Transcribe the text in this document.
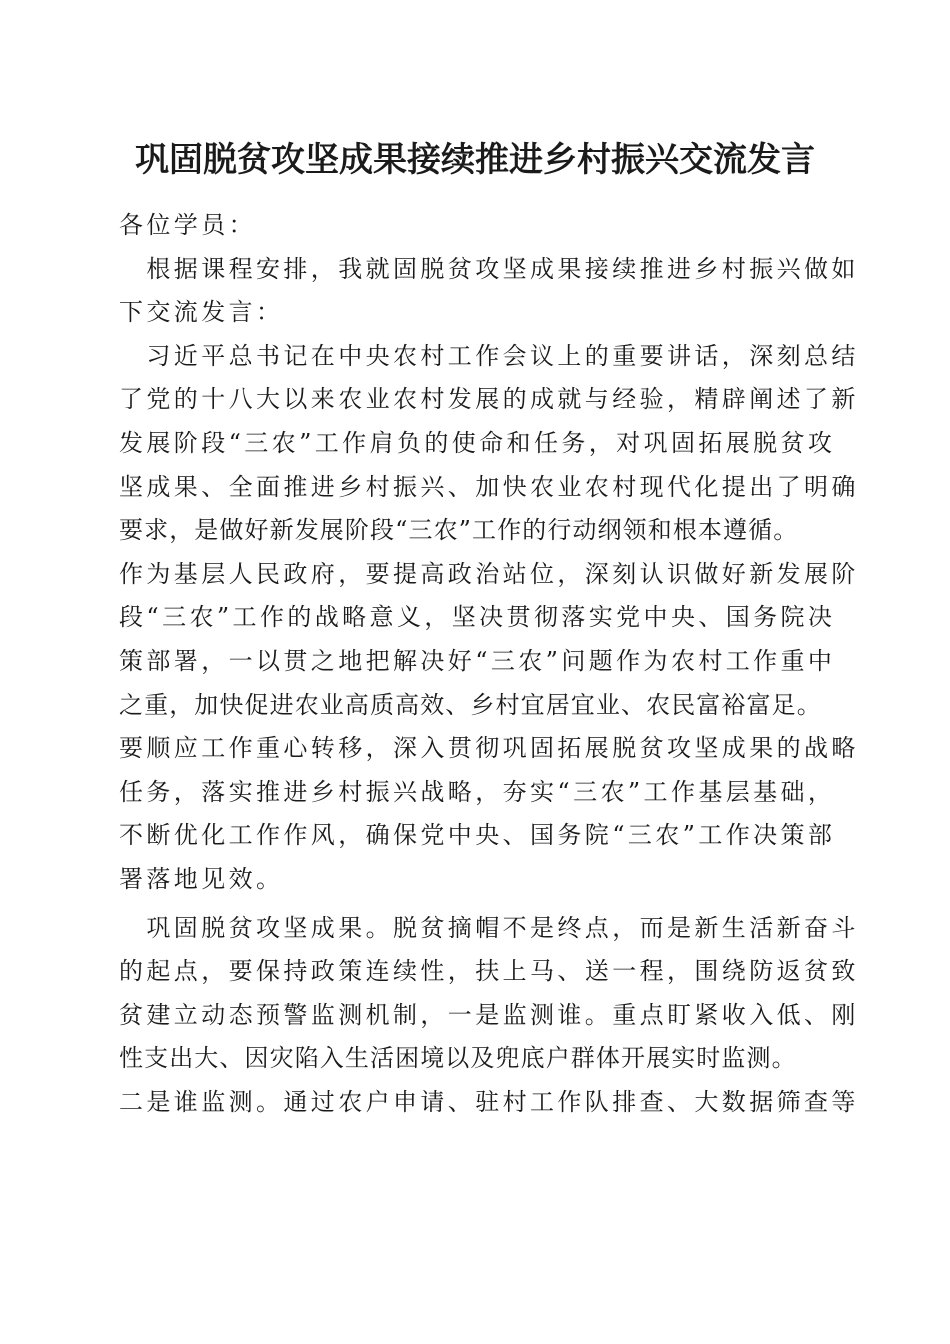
巩固脱贫攻坚成果接续推进乡村振兴交流发言
各位学员：
　根据课程安排，我就固脱贫攻坚成果接续推进乡村振兴做如
下交流发言：
　习近平总书记在中央农村工作会议上的重要讲话，深刻总结
了党的十八大以来农业农村发展的成就与经验，精辟阐述了新
发展阶段“三农”工作肩负的使命和任务，对巩固拓展脱贫攻
坚成果、全面推进乡村振兴、加快农业农村现代化提出了明确
要求，是做好新发展阶段“三农”工作的行动纲领和根本遵循。
作为基层人民政府，要提高政治站位，深刻认识做好新发展阶
段“三农”工作的战略意义，坚决贯彻落实党中央、国务院决
策部署，一以贯之地把解决好“三农”问题作为农村工作重中
之重，加快促进农业高质高效、乡村宜居宜业、农民富裕富足。
要顺应工作重心转移，深入贯彻巩固拓展脱贫攻坚成果的战略
任务，落实推进乡村振兴战略，夯实“三农”工作基层基础，
不断优化工作作风，确保党中央、国务院“三农”工作决策部
署落地见效。
　巩固脱贫攻坚成果。脱贫摘帽不是终点，而是新生活新奋斗
的起点，要保持政策连续性，扶上马、送一程，围绕防返贫致
贫建立动态预警监测机制，一是监测谁。重点盯紧收入低、刚
性支出大、因灾陷入生活困境以及兜底户群体开展实时监测。
二是谁监测。通过农户申请、驻村工作队排查、大数据筛查等
